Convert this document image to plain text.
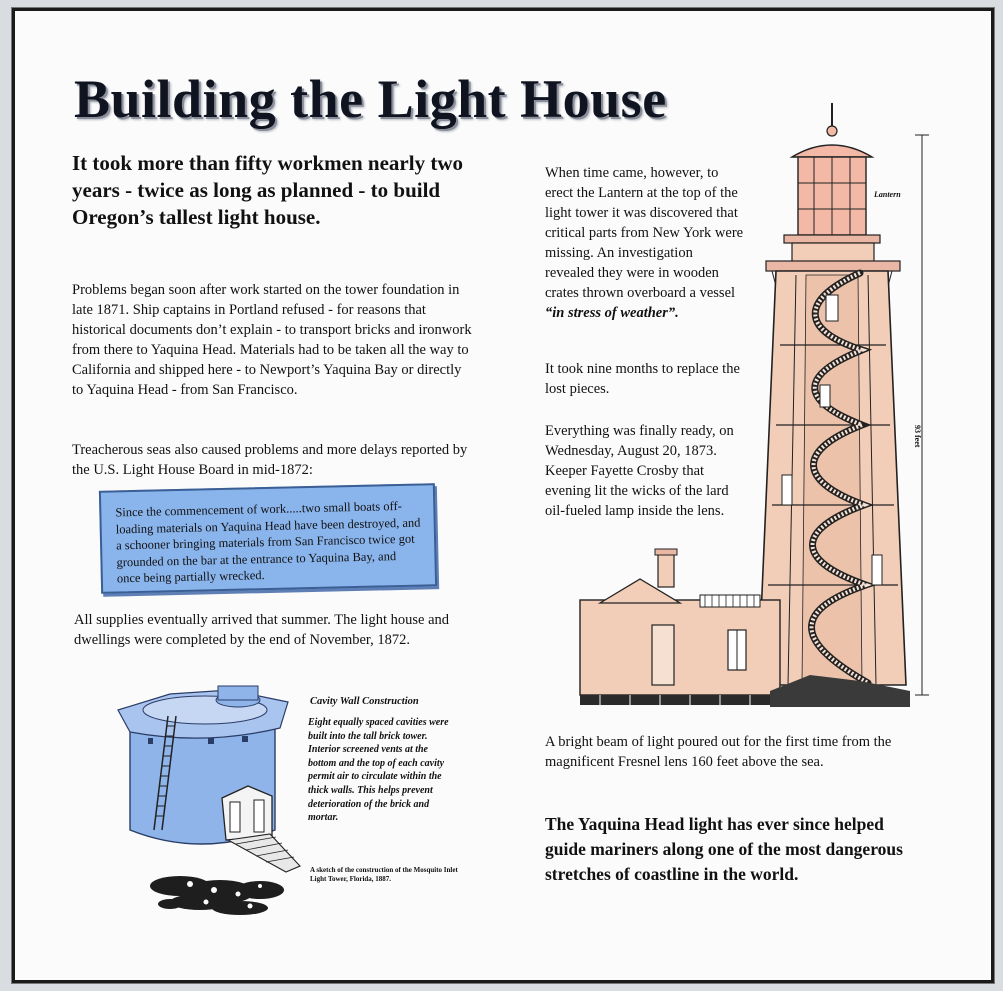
Building the Light House

It took more than fifty workmen nearly two years - twice as long as planned - to build Oregon’s tallest light house.

Problems began soon after work started on the tower foundation in late 1871. Ship captains in Portland refused - for reasons that historical documents don’t explain - to transport bricks and ironwork from there to Yaquina Head. Materials had to be taken all the way to California and shipped here - to Newport’s Yaquina Bay or directly to Yaquina Head - from San Francisco.

Treacherous seas also caused problems and more delays reported by the U.S. Light House Board in mid-1872:

Since the commencement of work.....two small boats off-loading materials on Yaquina Head have been destroyed, and a schooner bringing materials from San Francisco twice got grounded on the bar at the entrance to Yaquina Bay, and once being partially wrecked.

All supplies eventually arrived that summer. The light house and dwellings were completed by the end of November, 1872.

Cavity Wall Construction

Eight equally spaced cavities were built into the tall brick tower. Interior screened vents at the bottom and the top of each cavity permit air to circulate within the thick walls. This helps prevent deterioration of the brick and mortar.

A sketch of the construction of the Mosquito Inlet Light Tower, Florida, 1887.

When time came, however, to erect the Lantern at the top of the light tower it was discovered that critical parts from New York were missing. An investigation revealed they were in wooden crates thrown overboard a vessel “in stress of weather”.

It took nine months to replace the lost pieces.

Everything was finally ready, on Wednesday, August 20, 1873. Keeper Fayette Crosby that evening lit the wicks of the lard oil-fueled lamp inside the lens.

Lantern

93 feet

A bright beam of light poured out for the first time from the magnificent Fresnel lens 160 feet above the sea.

The Yaquina Head light has ever since helped guide mariners along one of the most dangerous stretches of coastline in the world.
